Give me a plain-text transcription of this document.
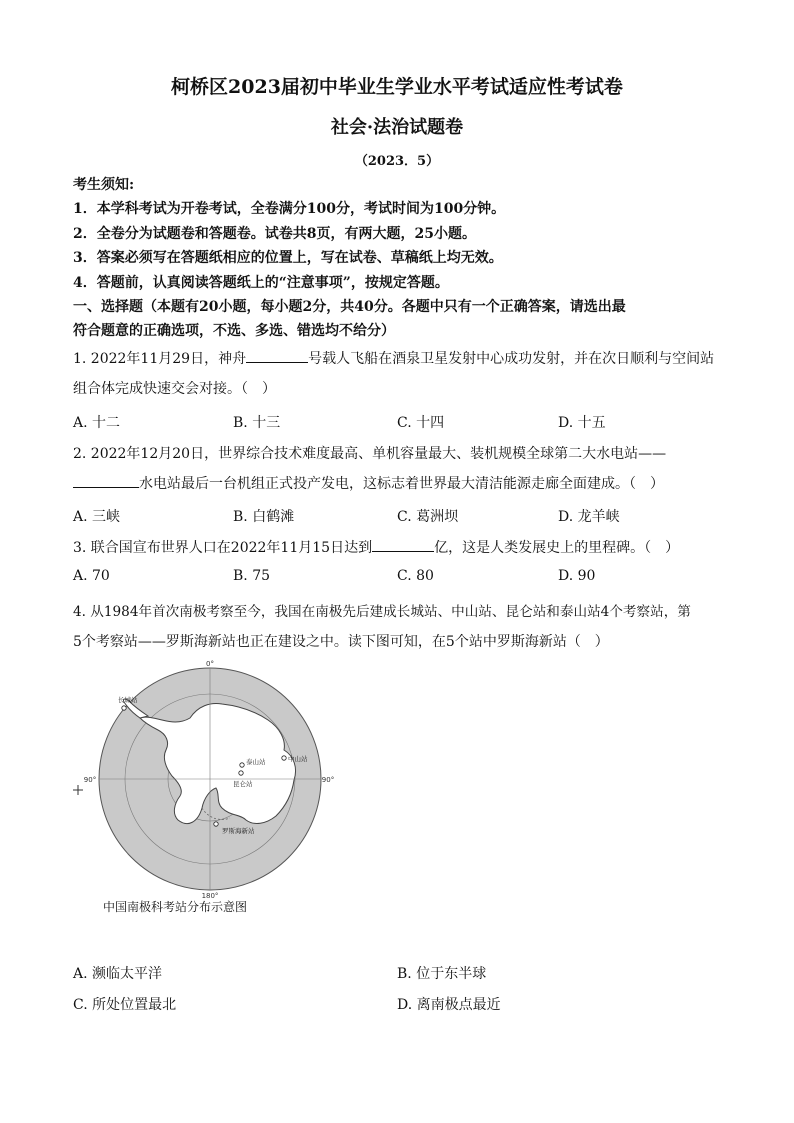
柯桥区2023届初中毕业生学业水平考试适应性考试卷
社会·法治试题卷
（2023．5）
考生须知:
1．本学科考试为开卷考试，全卷满分100分，考试时间为100分钟。
2．全卷分为试题卷和答题卷。试卷共8页，有两大题，25小题。
3．答案必须写在答题纸相应的位置上，写在试卷、草稿纸上均无效。
4．答题前，认真阅读答题纸上的“注意事项”，按规定答题。
一、选择题（本题有20小题，每小题2分，共40分。各题中只有一个正确答案，请选出最
符合题意的正确选项，不选、多选、错选均不给分）
1. 2022年11月29日，神舟	号载人飞船在酒泉卫星发射中心成功发射，并在次日顺利与空间站
组合体完成快速交会对接。（　）
A. 十二	B. 十三	C. 十四	D. 十五
2. 2022年12月20日，世界综合技术难度最高、单机容量最大、装机规模全球第二大水电站——
水电站最后一台机组正式投产发电，这标志着世界最大清洁能源走廊全面建成。（　）
A. 三峡	B. 白鹤滩	C. 葛洲坝	D. 龙羊峡
3. 联合国宣布世界人口在2022年11月15日达到	亿，这是人类发展史上的里程碑。（　）
A. 70	B. 75	C. 80	D. 90
4. 从1984年首次南极考察至今，我国在南极先后建成长城站、中山站、昆仑站和泰山站4个考察站，第
5个考察站——罗斯海新站也正在建设之中。读下图可知，在5个站中罗斯海新站（　）
0°
90°	90°
180°
长城站
泰山站	中山站
昆仑站
罗斯海新站
中国南极科考站分布示意图
A. 濒临太平洋	B. 位于东半球
C. 所处位置最北	D. 离南极点最近
